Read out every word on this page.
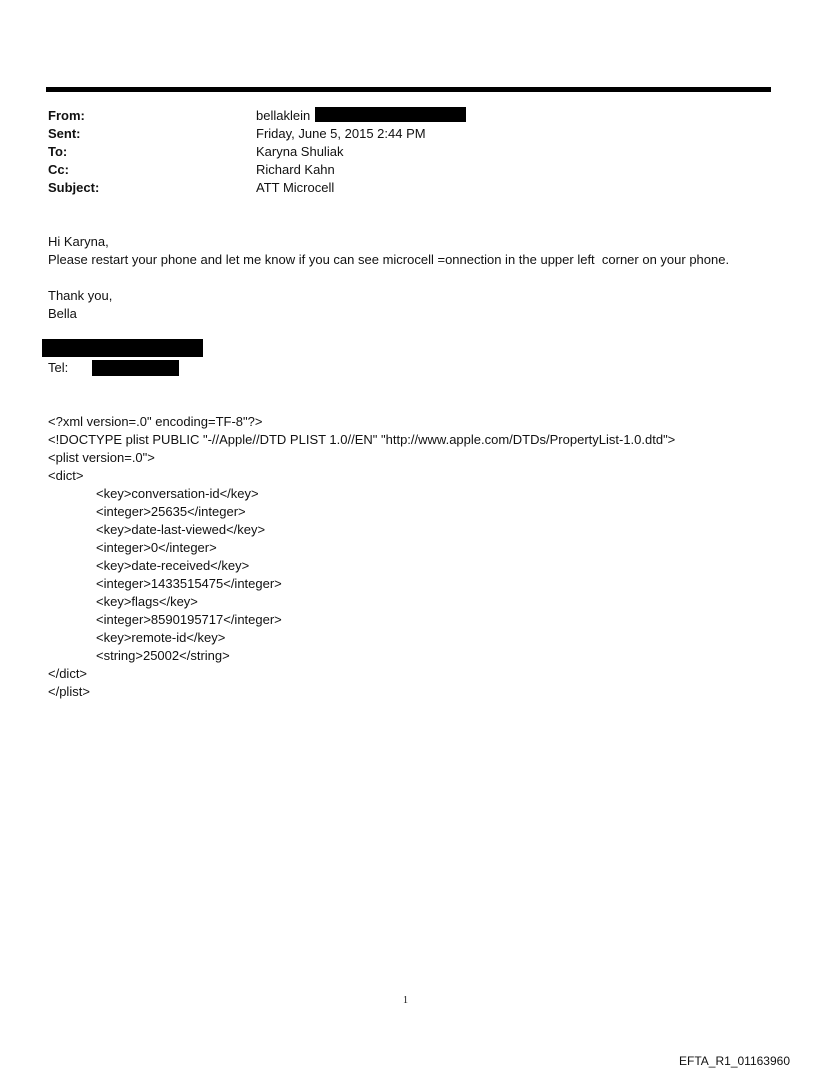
From:	bellaklein
Sent:	Friday, June 5, 2015 2:44 PM
To:	Karyna Shuliak
Cc:	Richard Kahn
Subject:	ATT Microcell
Hi Karyna,
Please restart your phone and let me know if you can see microcell =onnection in the upper left  corner on your phone.
Thank you,
Bella
Tel:
<?xml version=.0" encoding=TF-8"?>
<!DOCTYPE plist PUBLIC "-//Apple//DTD PLIST 1.0//EN" "http://www.apple.com/DTDs/PropertyList-1.0.dtd">
<plist version=.0">
<dict>
<key>conversation-id</key>
<integer>25635</integer>
<key>date-last-viewed</key>
<integer>0</integer>
<key>date-received</key>
<integer>1433515475</integer>
<key>flags</key>
<integer>8590195717</integer>
<key>remote-id</key>
<string>25002</string>
</dict>
</plist>
1
EFTA_R1_01163960
